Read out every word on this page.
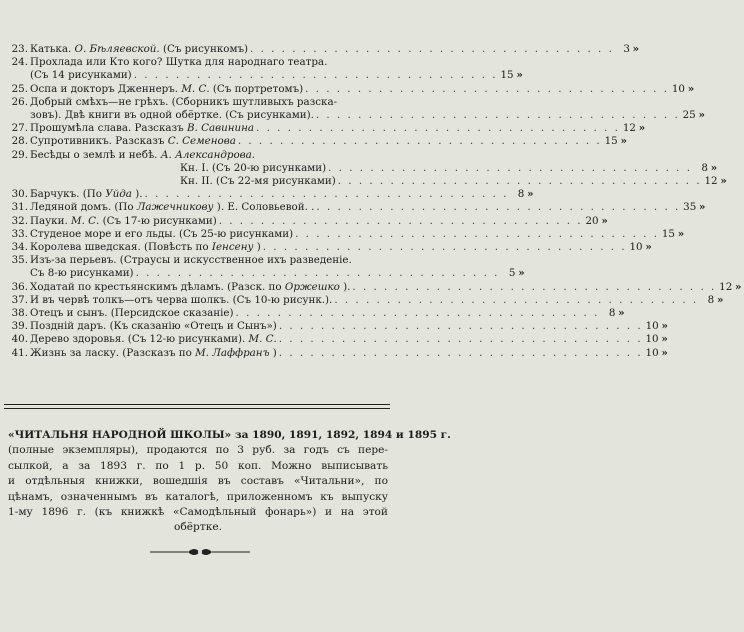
23. Катька. О. Бѣляевской. (Съ рисункомъ) . . . . . . . . . . . . . . . . . . . . . . . . . . . . . . . . . . . 3 »
24. Прохлада или Кто кого? Шутка для народнаго театра.
(Съ 14 рисунками) . . . . . . . . . . . . . . . . . . . . . . . . . . . . . . . . . . . 15 »
25. Оспа и докторъ Дженнеръ. М. С. (Съ портретомъ) . . . . . . . . . . . . . . . . . . . . . . . . . . . . . . . . . . . 10 »
26. Добрый смѣхъ—не грѣхъ. (Сборникъ шутливыхъ разска-
зовъ). Двѣ книги въ одной обёртке. (Съ рисунками). . . . . . . . . . . . . . . . . . . . . . . . . . . . . . . . . . . . 25 »
27. Прошумѣла слава. Разсказъ В. Савинина . . . . . . . . . . . . . . . . . . . . . . . . . . . . . . . . . . . 12 »
28. Супротивникъ. Разсказъ С. Семенова . . . . . . . . . . . . . . . . . . . . . . . . . . . . . . . . . . . 15 »
29. Бесѣды о землѣ и небѣ. А. Александрова.
Кн. I. (Съ 20-ю рисунками) . . . . . . . . . . . . . . . . . . . . . . . . . . . . . . . . . . . 8 »
Кн. II. (Съ 22-мя рисунками) . . . . . . . . . . . . . . . . . . . . . . . . . . . . . . . . . . . 12 »
30. Барчукъ. (По Уйда ). . . . . . . . . . . . . . . . . . . . . . . . . . . . . . . . . . . . 8 »
31. Ледяной домъ. (По Лажечникову ). Е. Соловьевой. . . . . . . . . . . . . . . . . . . . . . . . . . . . . . . . . . . . . 35 »
32. Пауки. М. С. (Съ 17-ю рисунками) . . . . . . . . . . . . . . . . . . . . . . . . . . . . . . . . . . . 20 »
33. Студеное море и его льды. (Съ 25-ю рисунками) . . . . . . . . . . . . . . . . . . . . . . . . . . . . . . . . . . . 15 »
34. Королева шведская. (Повѣсть по Іенсену ) . . . . . . . . . . . . . . . . . . . . . . . . . . . . . . . . . . . 10 »
35. Изъ-за перьевъ. (Страусы и искусственное ихъ разведеніе.
Съ 8-ю рисунками) . . . . . . . . . . . . . . . . . . . . . . . . . . . . . . . . . . . 5 »
36. Ходатай по крестьянскимъ дѣламъ. (Разск. по Оржешко ). . . . . . . . . . . . . . . . . . . . . . . . . . . . . . . . . . . . 12 »
37. И въ червѣ толкъ—отъ черва шолкъ. (Съ 10-ю рисунк.). . . . . . . . . . . . . . . . . . . . . . . . . . . . . . . . . . . . 8 »
38. Отецъ и сынъ. (Персидское сказаніе) . . . . . . . . . . . . . . . . . . . . . . . . . . . . . . . . . . . 8 »
39. Поздній даръ. (Къ сказанію «Отецъ и Сынъ») . . . . . . . . . . . . . . . . . . . . . . . . . . . . . . . . . . . 10 »
40. Дерево здоровья. (Съ 12-ю рисунками). М. С. . . . . . . . . . . . . . . . . . . . . . . . . . . . . . . . . . . . 10 »
41. Жизнь за ласку. (Разсказъ по М. Лаффранъ ) . . . . . . . . . . . . . . . . . . . . . . . . . . . . . . . . . . . 10 »
«ЧИТАЛЬНЯ НАРОДНОЙ ШКОЛЫ» за 1890, 1891, 1892, 1894 и 1895 г.
(полные экземпляры), продаются по 3 руб. за годъ съ пере-
сылкой, а за 1893 г. по 1 р. 50 коп. Можно выписывать
и отдѣльныя книжки, вошедшія въ составъ «Читальни», по
цѣнамъ, означеннымъ въ каталогѣ, приложенномъ къ выпуску
1-му 1896 г. (къ книжкѣ «Самодѣльный фонарь») и на этой
обёртке.
